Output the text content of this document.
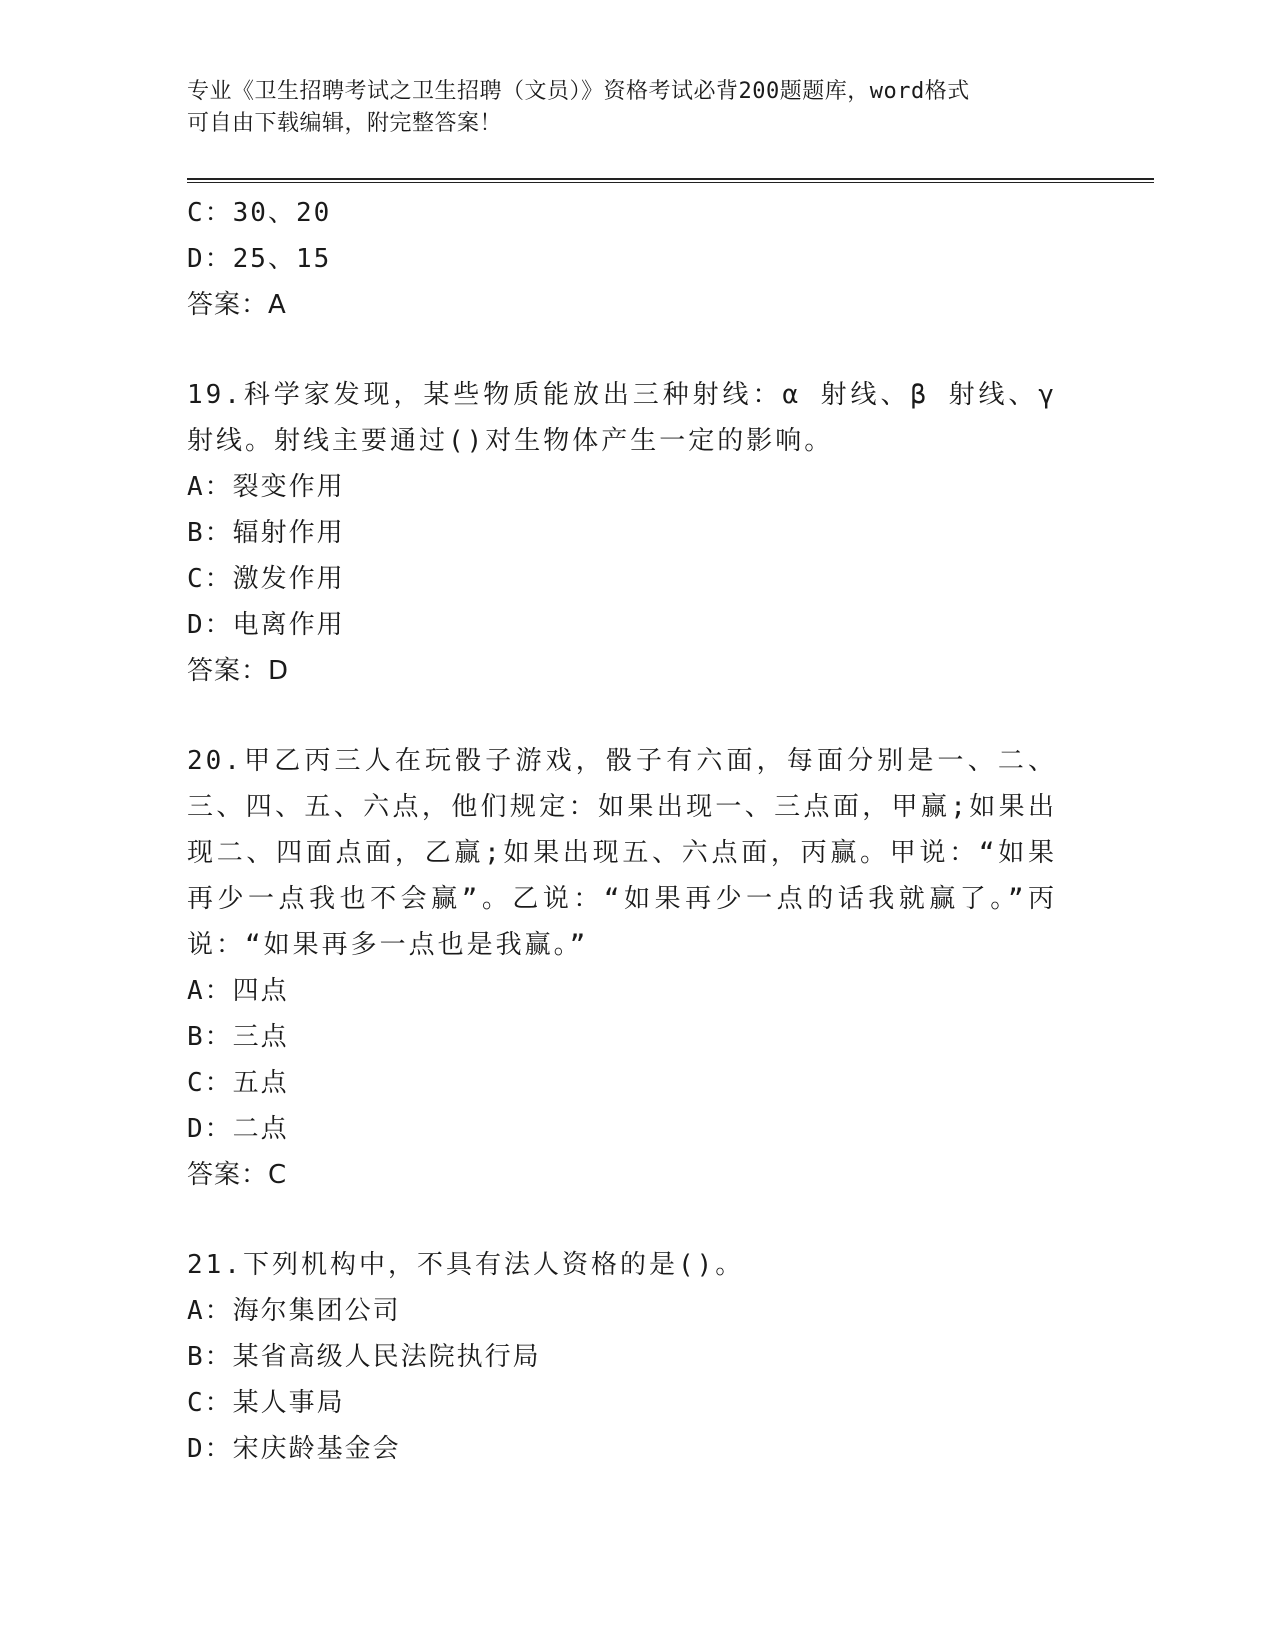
专业《卫生招聘考试之卫生招聘（文员）》资格考试必背200题题库，word格式
可自由下载编辑，附完整答案！
C：30、20
D：25、15
答案：A
19.科学家发现，某些物质能放出三种射线：α 射线、β 射线、γ 射线。射线主要通过()对生物体产生一定的影响。
A：裂变作用
B：辐射作用
C：激发作用
D：电离作用
答案：D
20.甲乙丙三人在玩骰子游戏，骰子有六面，每面分别是一、二、三、四、五、六点，他们规定：如果出现一、三点面，甲赢;如果出现二、四面点面，乙赢;如果出现五、六点面，丙赢。甲说：“如果再少一点我也不会赢”。乙说：“如果再少一点的话我就赢了。”丙说：“如果再多一点也是我赢。”
A：四点
B：三点
C：五点
D：二点
答案：C
21.下列机构中，不具有法人资格的是()。
A：海尔集团公司
B：某省高级人民法院执行局
C：某人事局
D：宋庆龄基金会
